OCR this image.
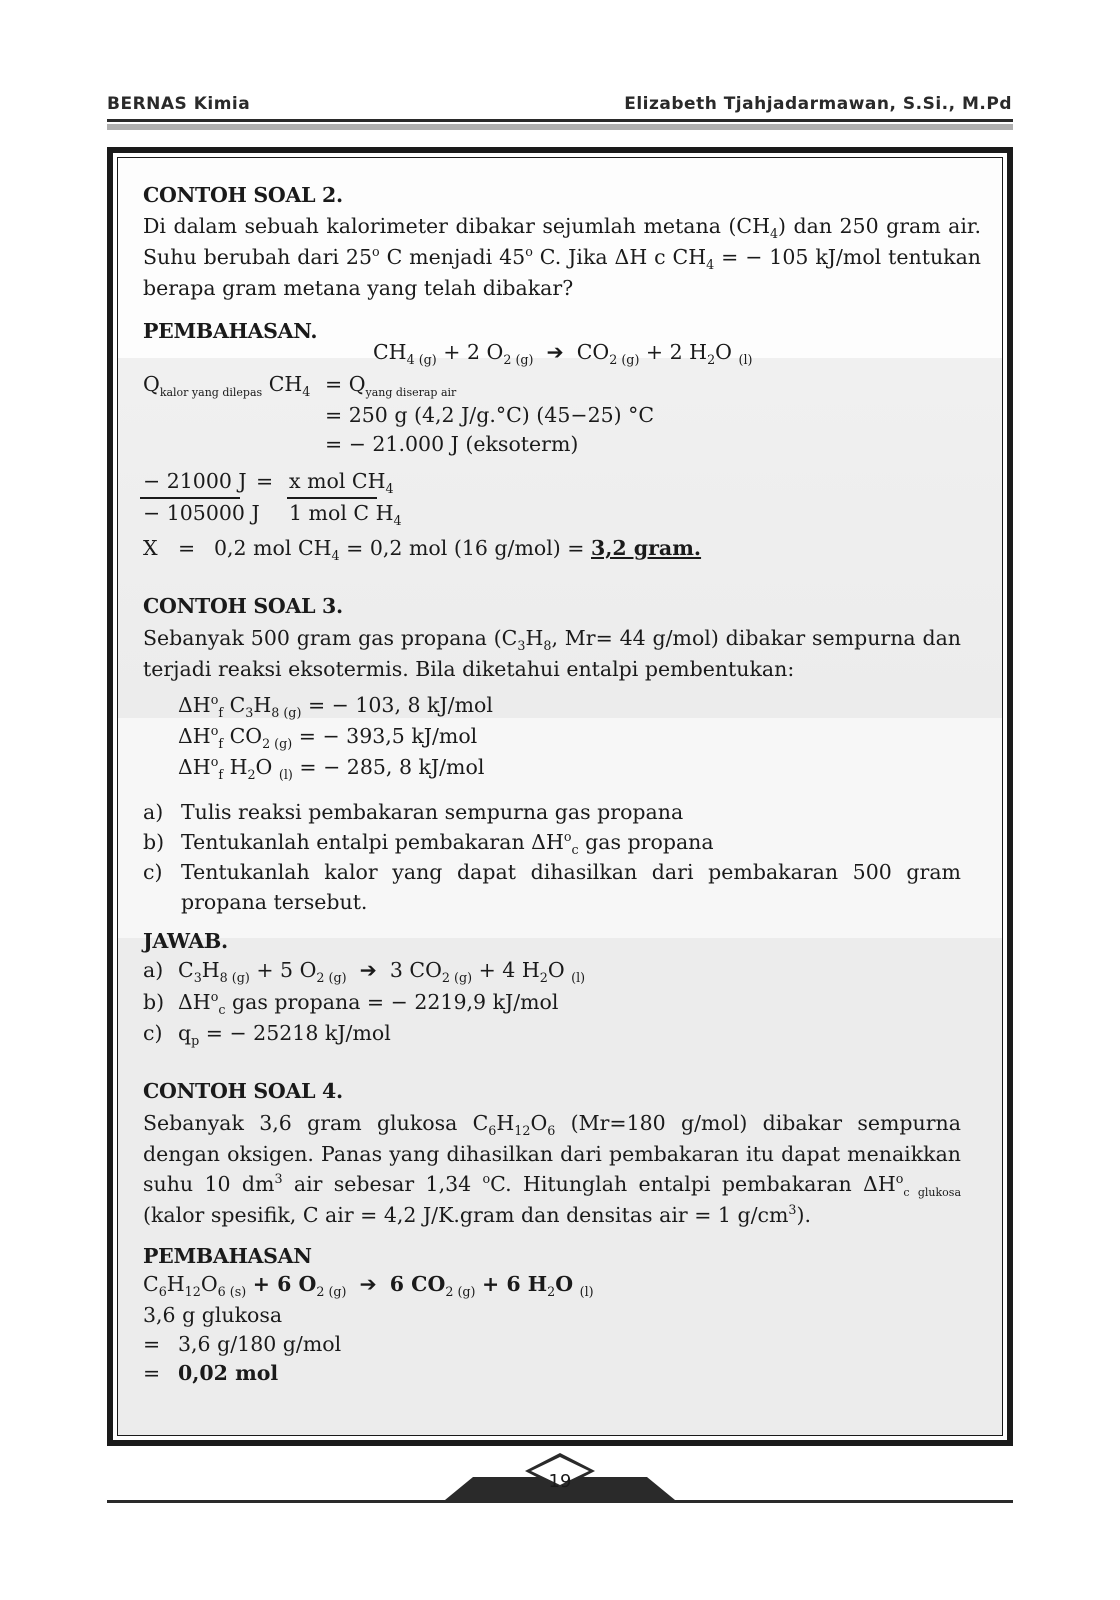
BERNAS Kimia	Elizabeth Tjahjadarmawan, S.Si., M.Pd

CONTOH SOAL 2.

Di dalam sebuah kalorimeter dibakar sejumlah metana $(CH_4)$ dan 250 gram air. Suhu berubah dari 25$^o$ C menjadi 45$^o$ C. Jika ΔH c $CH_4$ = − 105 kJ/mol tentukan berapa gram metana yang telah dibakar?

PEMBAHASAN.

$CH_{4 (g)} + 2$ $O_{2 (g)}$  ➔  $CO_{2 (g)} + 2$ $H_2O$ $_{(l)}$
$Q_{kalor yang dilepas}$ $CH_4 = Q_{yang diserap air}$
= 250 g (4,2 J/g.°C) (45−25) °C
= − 21.000 J (eksoterm)
− 21000 J
− 105000 J
= x mol $CH_4$
1 mol C $H_4$
X = 0,2 mol $CH_4 = 0,2$ mol (16 g/mol) = 3,2 gram.
CONTOH SOAL 3.
Sebanyak 500 gram gas propana ($C_3H_8$, Mr= 44 g/mol) dibakar sempurna dan terjadi reaksi eksotermis. Bila diketahui entalpi pembentukan:
$\Delta H^o_f$ $C_3H_{8 (g)}$ = − 103, 8 kJ/mol
$\Delta H^o_f$ $CO_{2 (g)}$ = − 393,5 kJ/mol
$\Delta H^o_f$ $H_2O$ $_{(l)}$ = − 285, 8 kJ/mol
a) Tulis reaksi pembakaran sempurna gas propana
b) Tentukanlah entalpi pembakaran $\Delta H^o_c$ gas propana
c) Tentukanlah kalor yang dapat dihasilkan dari pembakaran 500 gram propana tersebut.
JAWAB.
a) $C_3H_{8 (g)} + 5$ $O_{2 (g)}$  ➔  3 $CO_{2 (g)} + 4$ $H_2O$ $_{(l)}$
b) $\Delta H^o_c$ gas propana = − 2219,9 kJ/mol
c) $q_p$ = − 25218 kJ/mol
CONTOH SOAL 4.
Sebanyak 3,6 gram glukosa $C_6H_{12}O_6$ (Mr=180 g/mol) dibakar sempurna dengan oksigen. Panas yang dihasilkan dari pembakaran itu dapat menaikkan suhu 10 $dm^3$ air sebesar 1,34 $^o$C. Hitunglah entalpi pembakaran $\Delta H^o_{c glukosa}$ (kalor spesifik, C air = 4,2 J/K.gram dan densitas air = 1 $g/cm^3$).
PEMBAHASAN
$C_6H_{12}O_{6 (s)} + 6$ $O_{2 (g)}$  ➔  6 $CO_{2 (g)} + 6$ $H_2O$ $_{(l)}$
3,6 g glukosa
= 3,6 g/180 g/mol
= 0,02 mol
19
